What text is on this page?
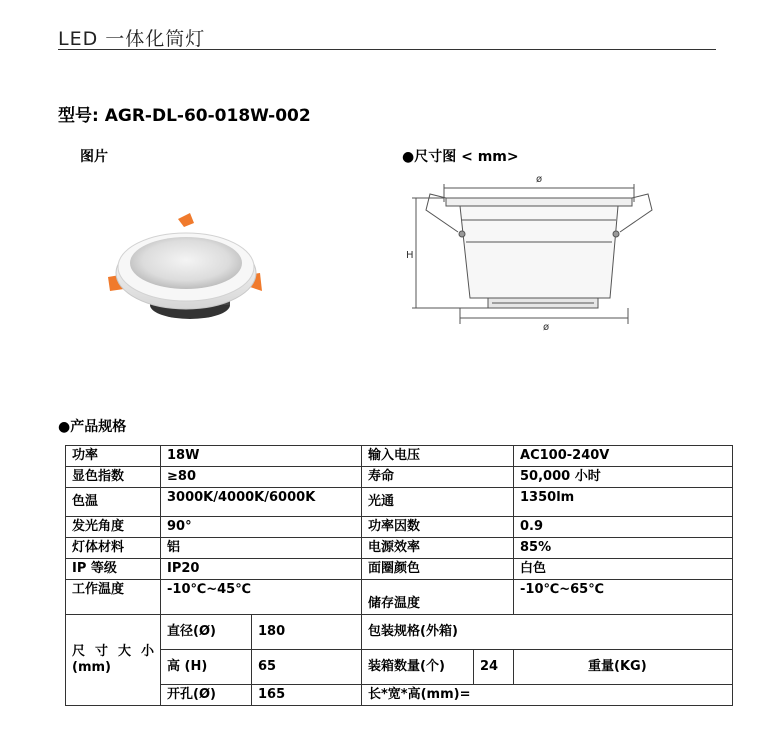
LED 一体化筒灯
型号: AGR-DL-60-018W-002
图片	●尺寸图 < mm>
ø
H
ø
●产品规格
功率	18W		输入电压		AC100-240V
显色指数	≥80		寿命		50,000 小时
色温	3000K/4000K/6000K		光通		1350lm
发光角度	90°		功率因数		0.9
灯体材料	铝		电源效率		85%
IP 等级	IP20		面圈颜色		白色
工作温度	-10℃~45℃		储存温度		-10℃~65℃

尺寸大小
(mm)	直径(Ø)	180	包装规格(外箱)		
	高 (H)	65	装箱数量(个)	24	重量(KG)
	开孔(Ø)	165	长*宽*高(mm)=		
